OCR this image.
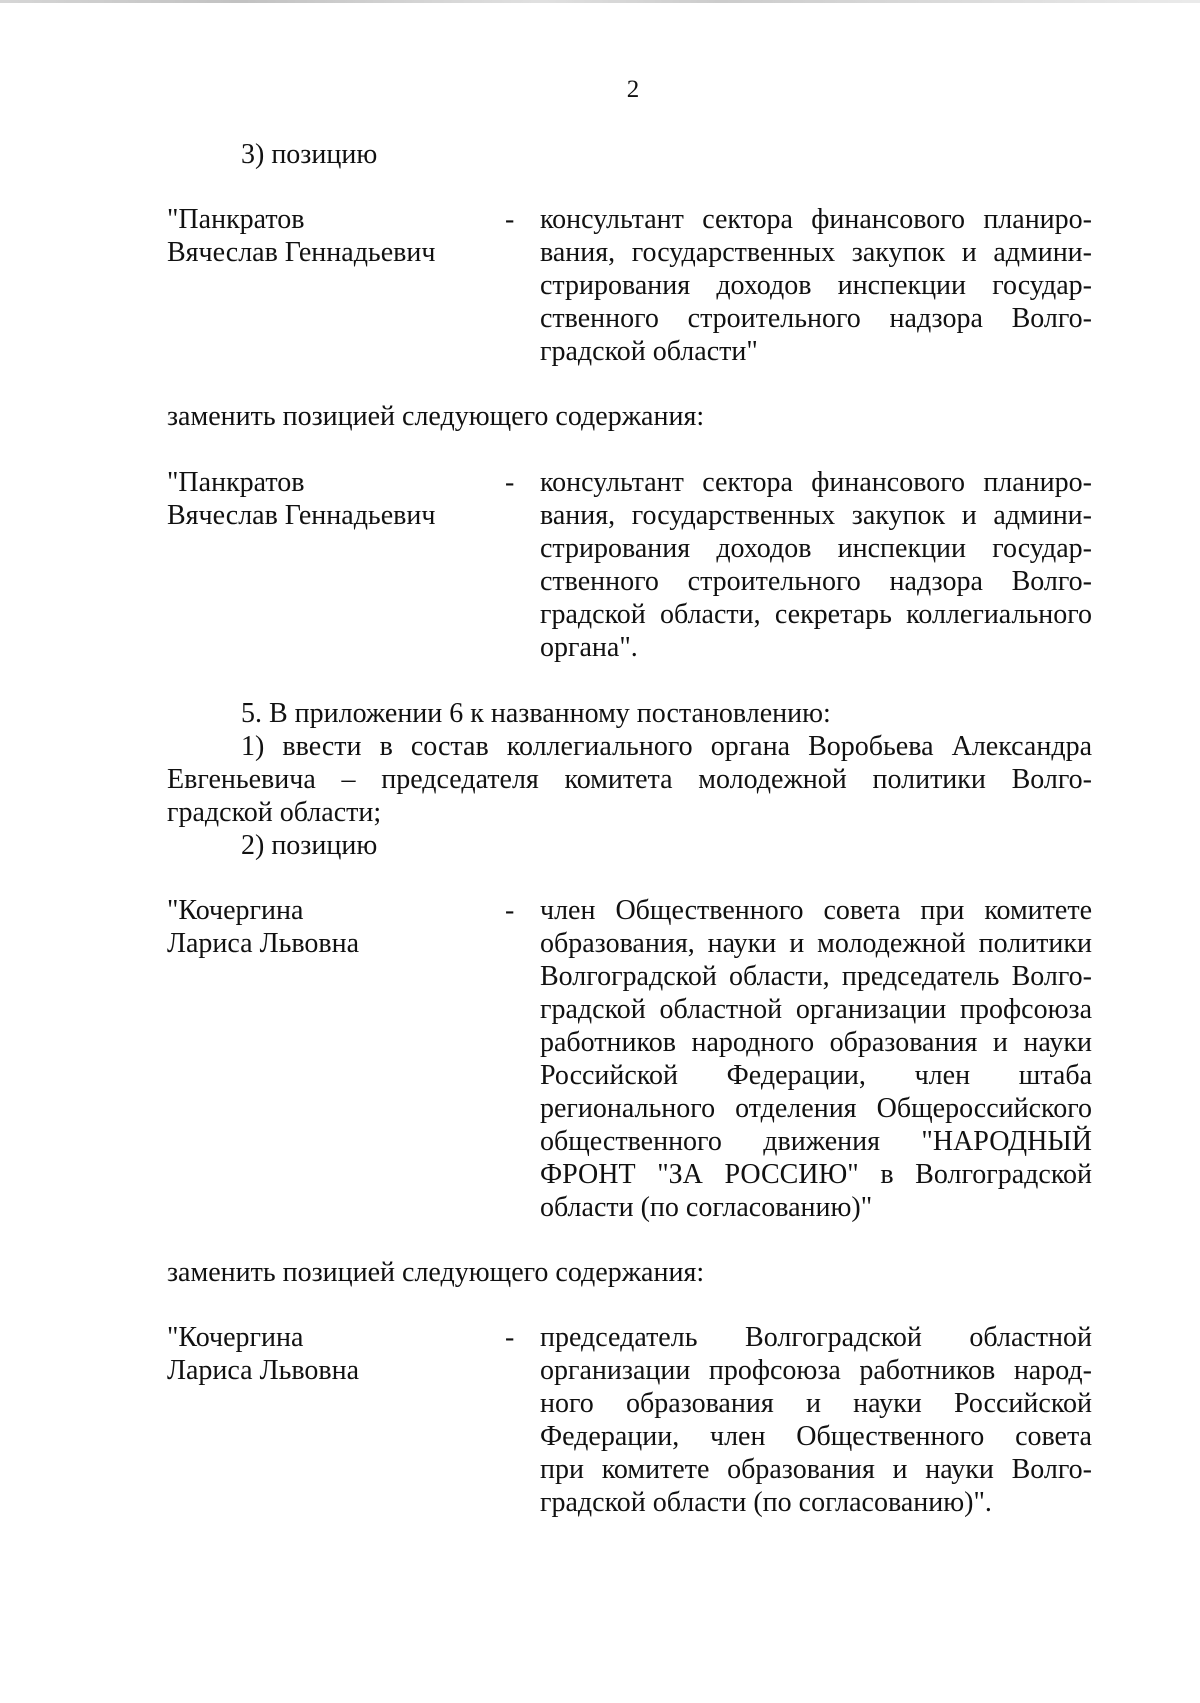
2
3) позицию
"Панкратов
Вячеслав Геннадьевич
- консультант сектора финансового планиро-
вания, государственных закупок и админи-
стрирования доходов инспекции государ-
ственного строительного надзора Волго-
градской области"
заменить позицией следующего содержания:
"Панкратов
Вячеслав Геннадьевич
- консультант сектора финансового планиро-
вания, государственных закупок и админи-
стрирования доходов инспекции государ-
ственного строительного надзора Волго-
градской области, секретарь коллегиального
органа".
5. В приложении 6 к названному постановлению:
1) ввести в состав коллегиального органа Воробьева Александра
Евгеньевича – председателя комитета молодежной политики Волго-
градской области;
2) позицию
"Кочергина
Лариса Львовна
- член Общественного совета при комитете
образования, науки и молодежной политики
Волгоградской области, председатель Волго-
градской областной организации профсоюза
работников народного образования и науки
Российской Федерации, член штаба
регионального отделения Общероссийского
общественного движения "НАРОДНЫЙ
ФРОНТ "ЗА РОССИЮ" в Волгоградской
области (по согласованию)"
заменить позицией следующего содержания:
"Кочергина
Лариса Львовна
- председатель Волгоградской областной
организации профсоюза работников народ-
ного образования и науки Российской
Федерации, член Общественного совета
при комитете образования и науки Волго-
градской области (по согласованию)".
